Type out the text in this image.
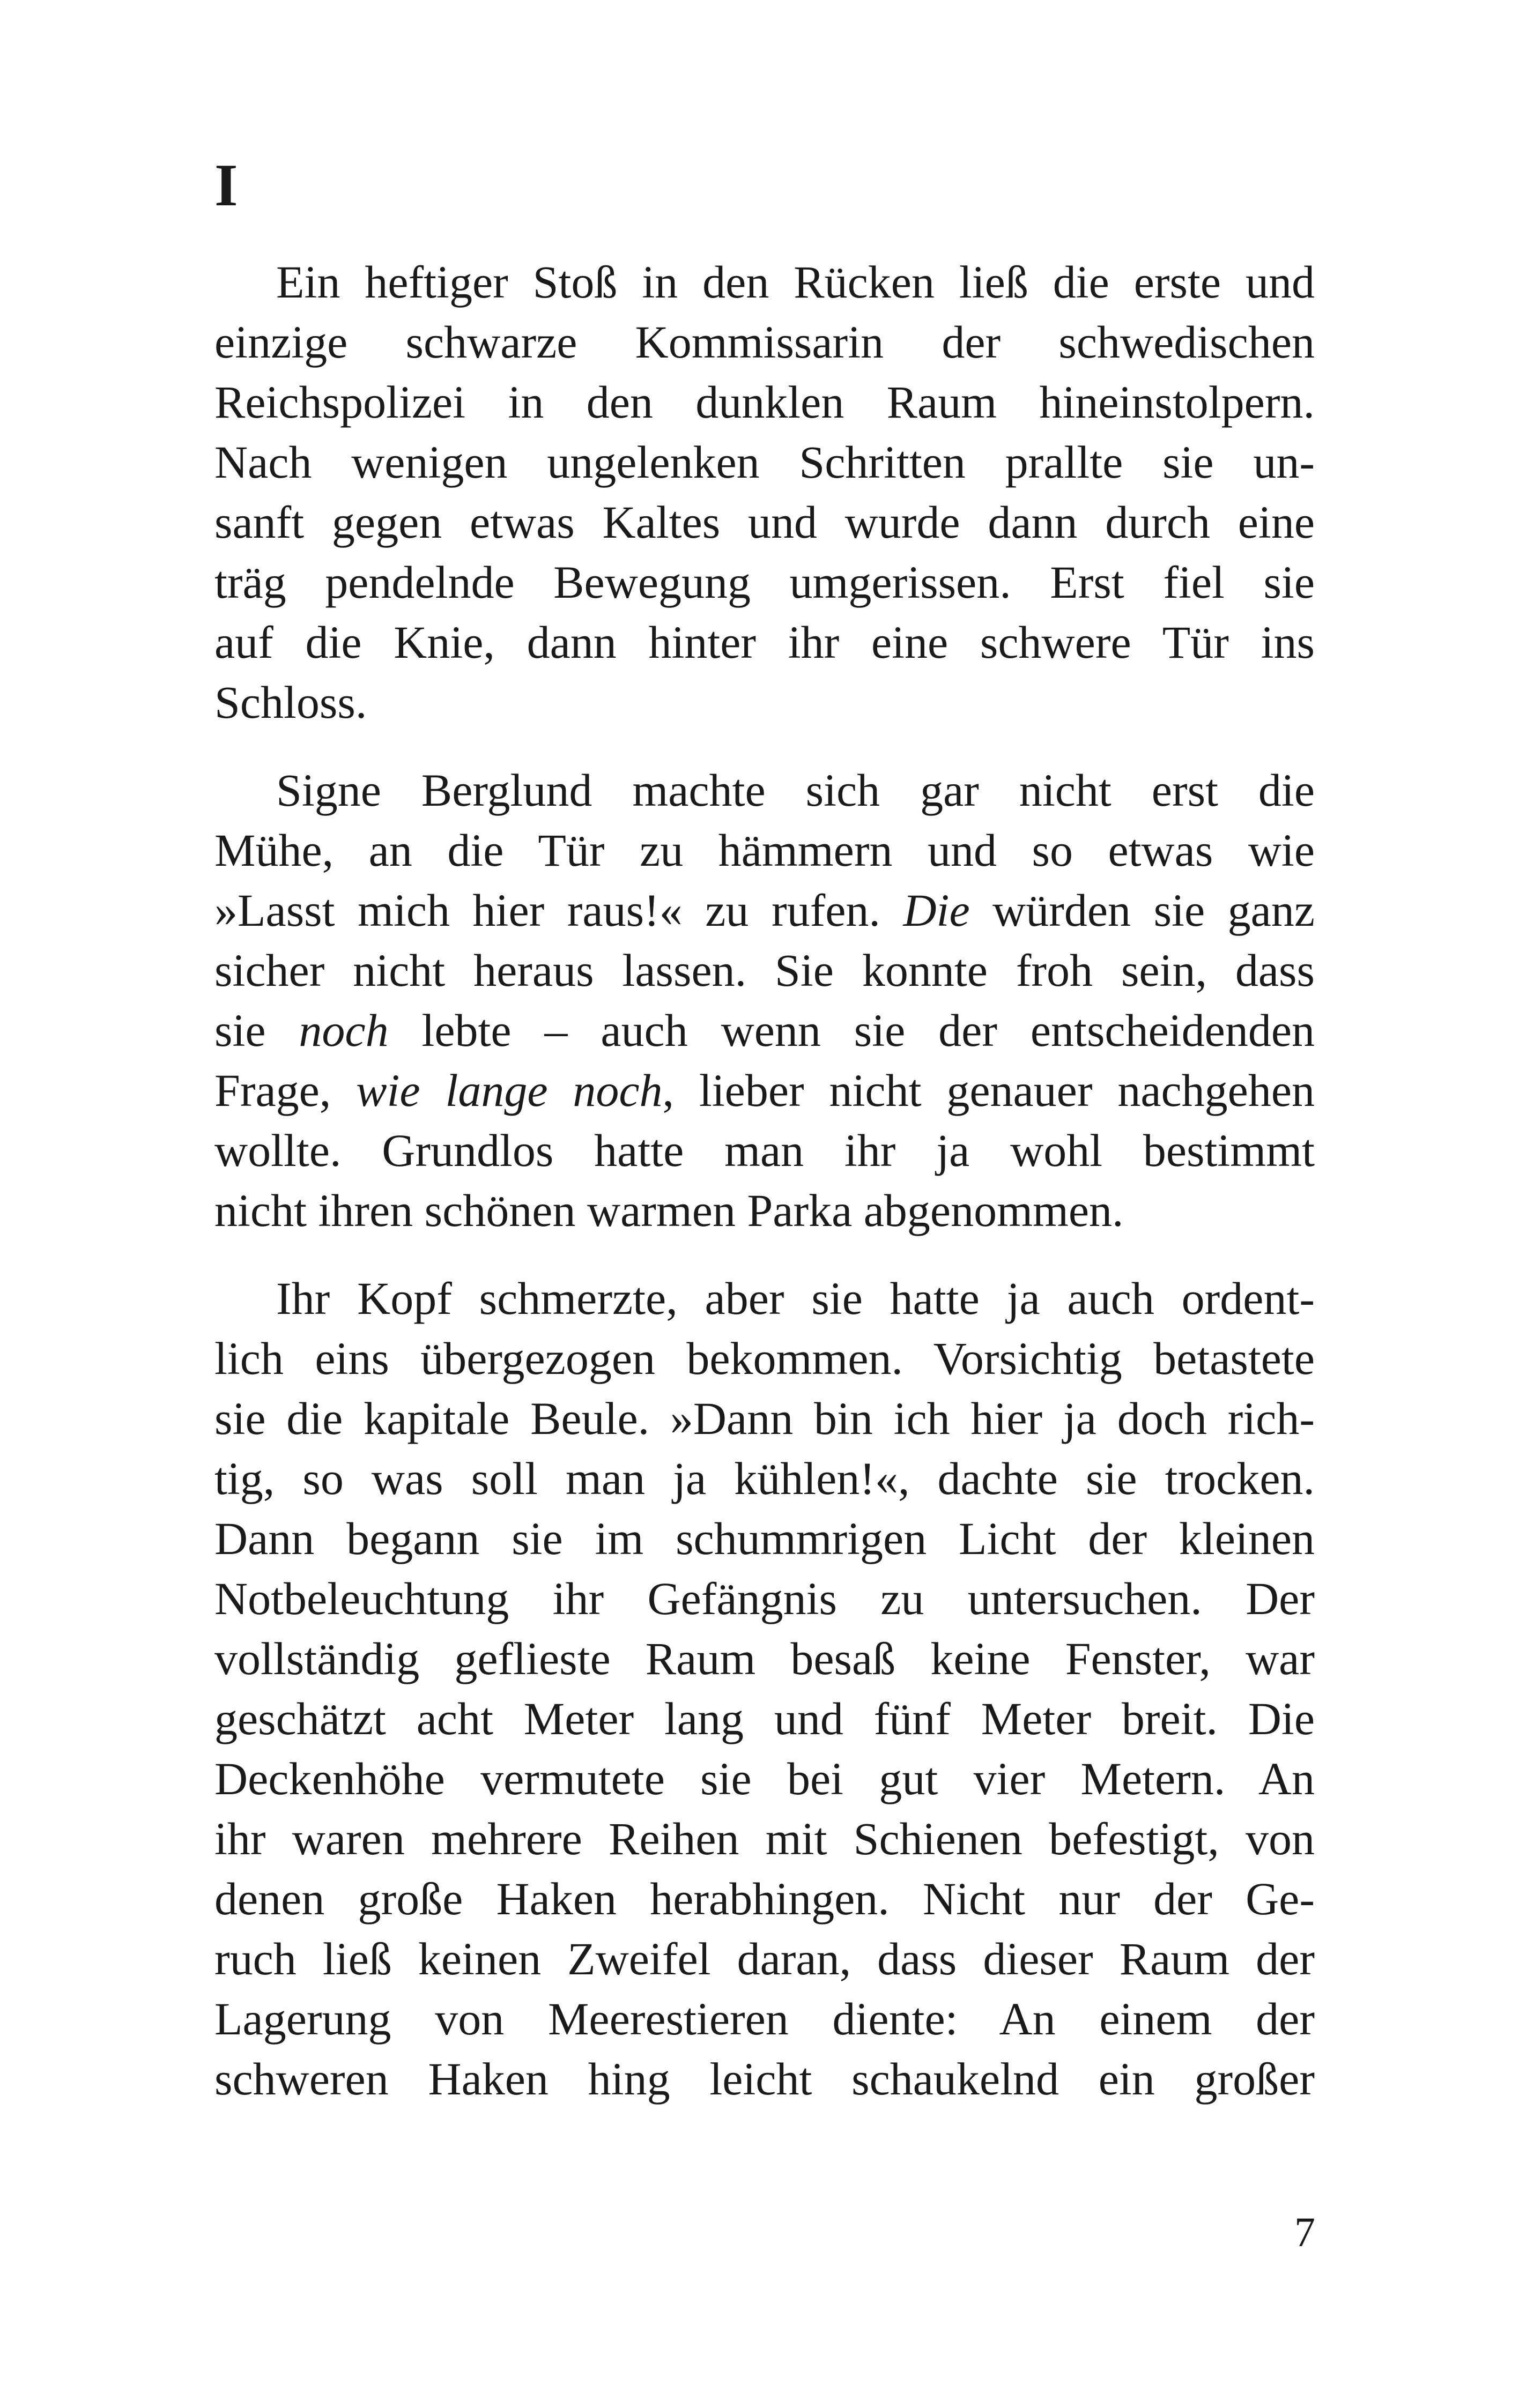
I
Ein heftiger Stoß in den Rücken ließ die erste und
einzige schwarze Kommissarin der schwedischen
Reichspolizei in den dunklen Raum hineinstolpern.
Nach wenigen ungelenken Schritten prallte sie un-
sanft gegen etwas Kaltes und wurde dann durch eine
träg pendelnde Bewegung umgerissen. Erst fiel sie
auf die Knie, dann hinter ihr eine schwere Tür ins
Schloss.
Signe Berglund machte sich gar nicht erst die
Mühe, an die Tür zu hämmern und so etwas wie
»Lasst mich hier raus!« zu rufen. Die würden sie ganz
sicher nicht heraus lassen. Sie konnte froh sein, dass
sie noch lebte – auch wenn sie der entscheidenden
Frage, wie lange noch, lieber nicht genauer nachgehen
wollte. Grundlos hatte man ihr ja wohl bestimmt
nicht ihren schönen warmen Parka abgenommen.
Ihr Kopf schmerzte, aber sie hatte ja auch ordent-
lich eins übergezogen bekommen. Vorsichtig betastete
sie die kapitale Beule. »Dann bin ich hier ja doch rich-
tig, so was soll man ja kühlen!«, dachte sie trocken.
Dann begann sie im schummrigen Licht der kleinen
Notbeleuchtung ihr Gefängnis zu untersuchen. Der
vollständig geflieste Raum besaß keine Fenster, war
geschätzt acht Meter lang und fünf Meter breit. Die
Deckenhöhe vermutete sie bei gut vier Metern. An
ihr waren mehrere Reihen mit Schienen befestigt, von
denen große Haken herabhingen. Nicht nur der Ge-
ruch ließ keinen Zweifel daran, dass dieser Raum der
Lagerung von Meerestieren diente: An einem der
schweren Haken hing leicht schaukelnd ein großer
7
